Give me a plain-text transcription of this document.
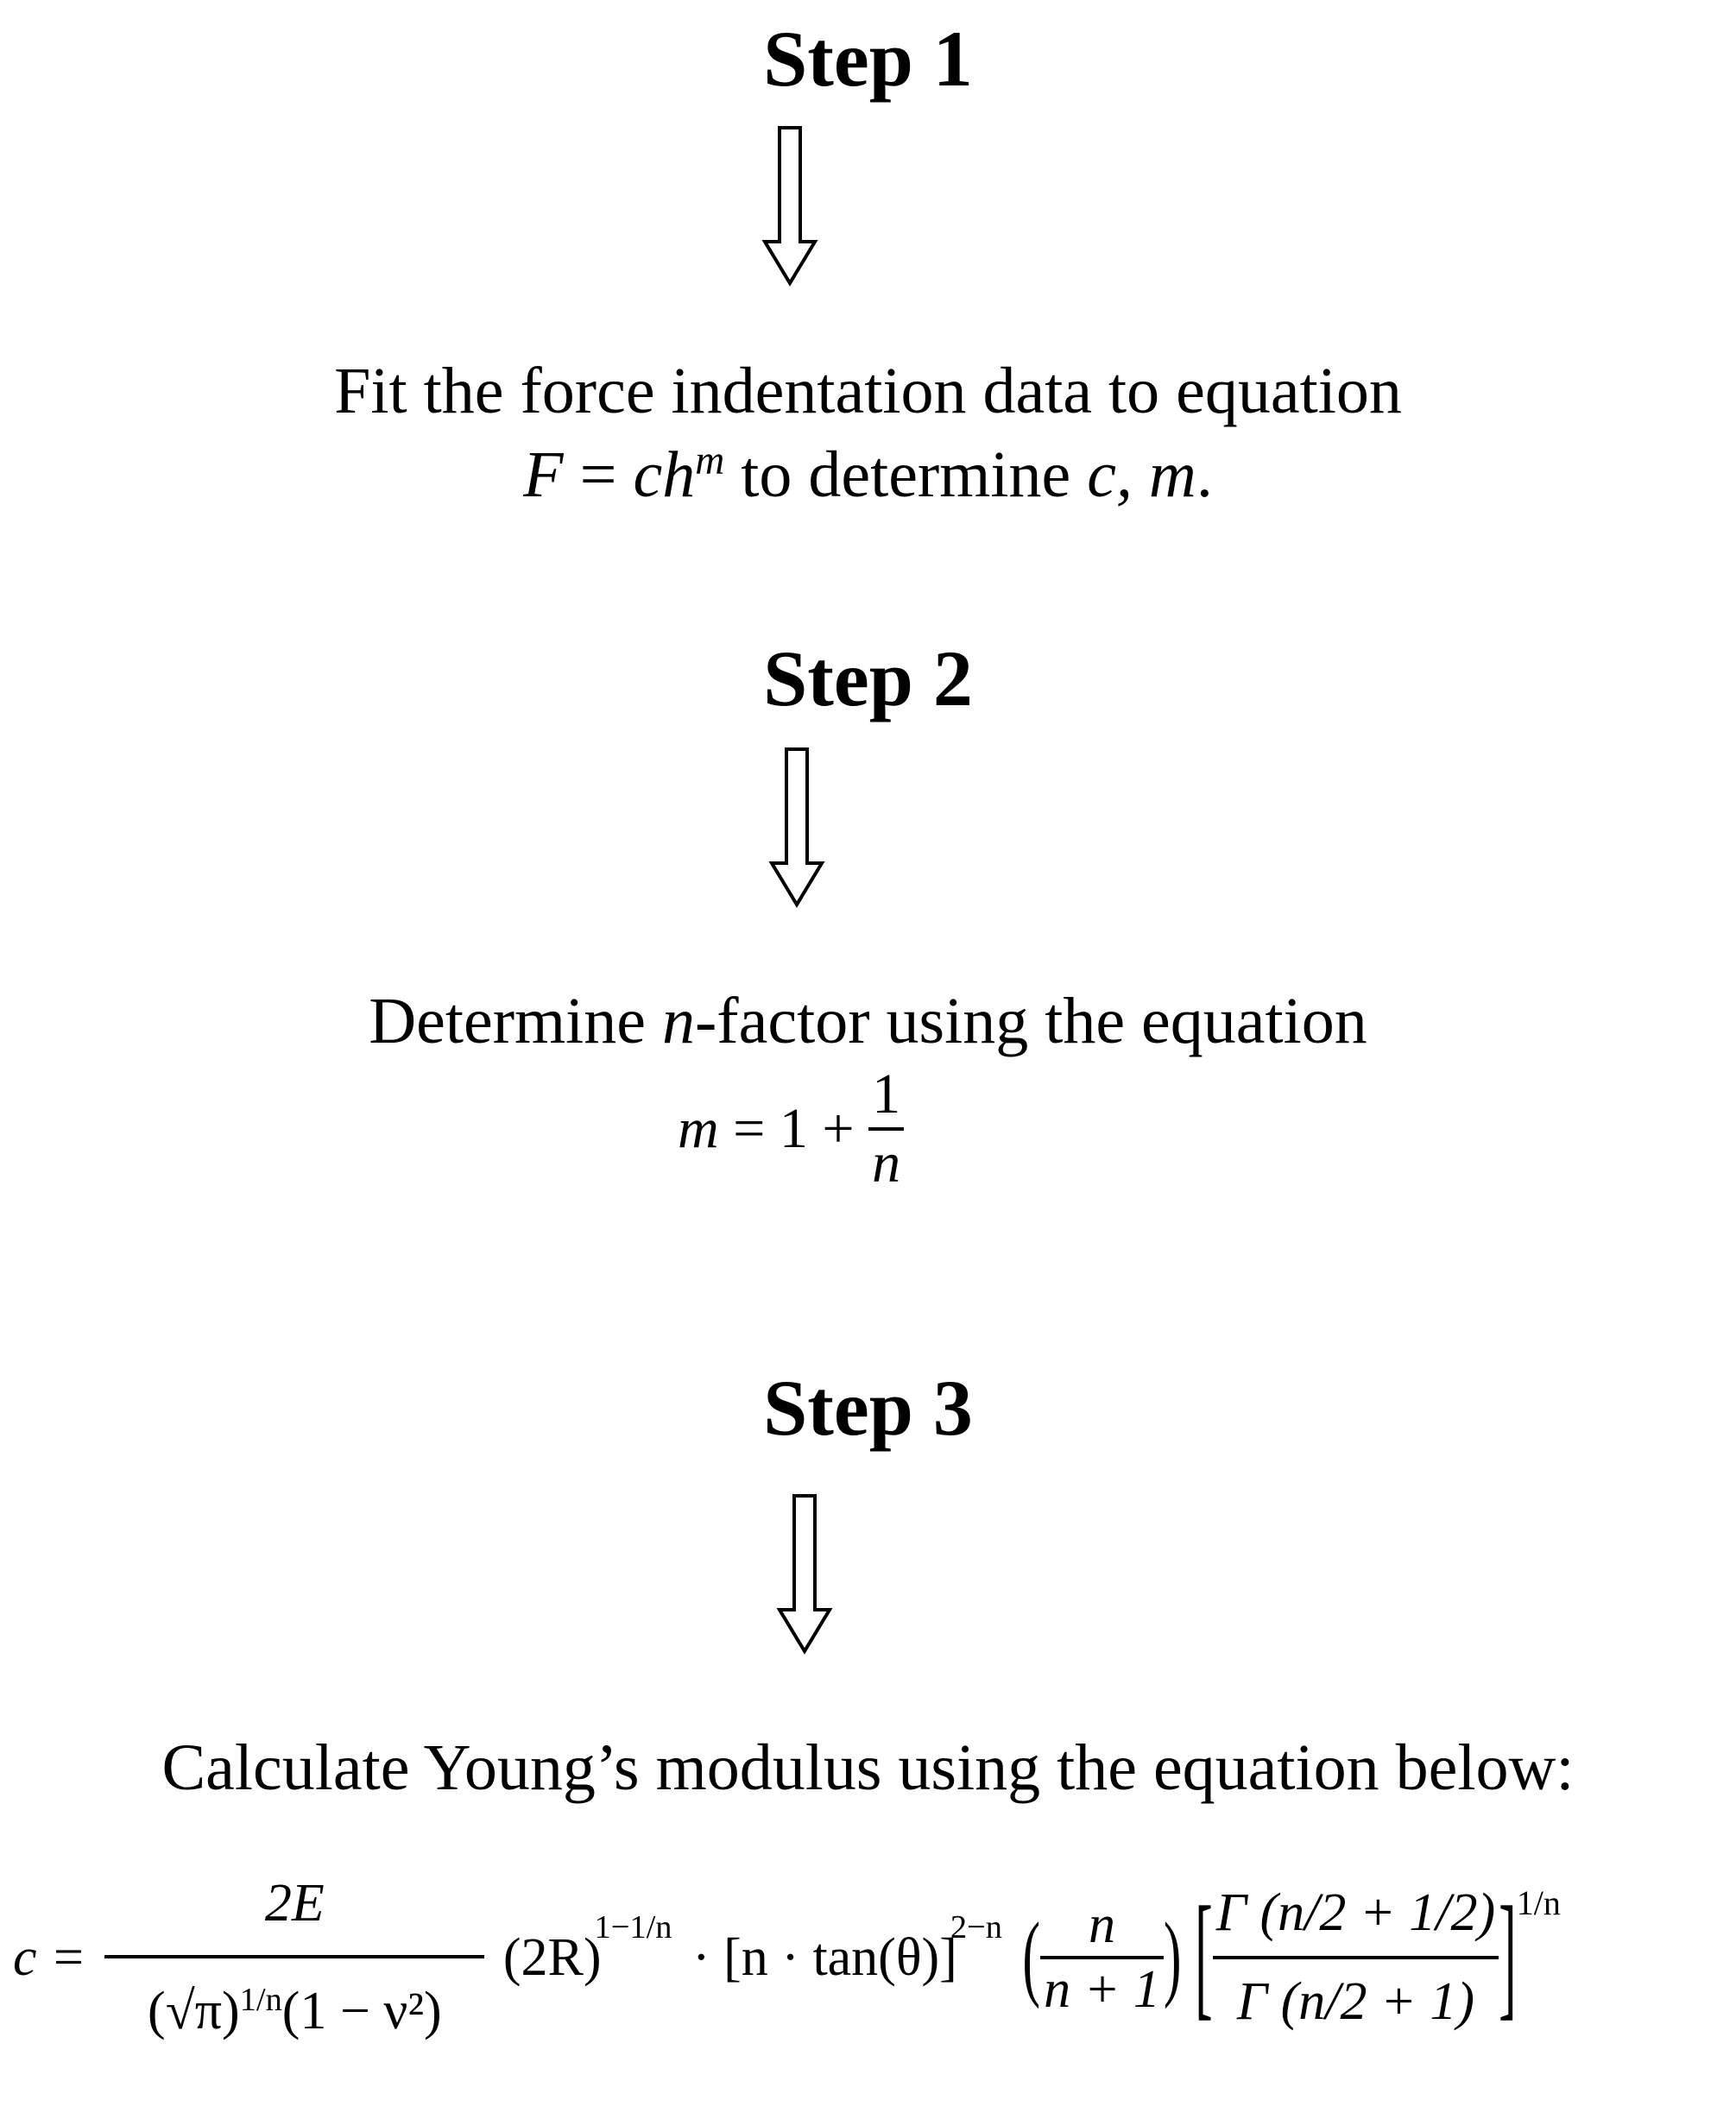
Step 1
Fit the force indentation data to equation
$F = ch^m$ to determine c, m.
Step 2
Determine n-factor using the equation
$m = 1 + \frac{1}{n}$
Step 3
Calculate Young’s modulus using the equation below:
$c = \frac{2E}{(√\pi)^{1/n}(1 - \nu^2)} (2R)^{1-1/n} \cdot [n \cdot \tan(\theta)]^{2-n}$ ( $\frac{n}{n + 1}$ ) [ $\frac{\Gamma (n/2 + 1/2)}{\Gamma (n/2 + 1)} ]^{1/n}$
